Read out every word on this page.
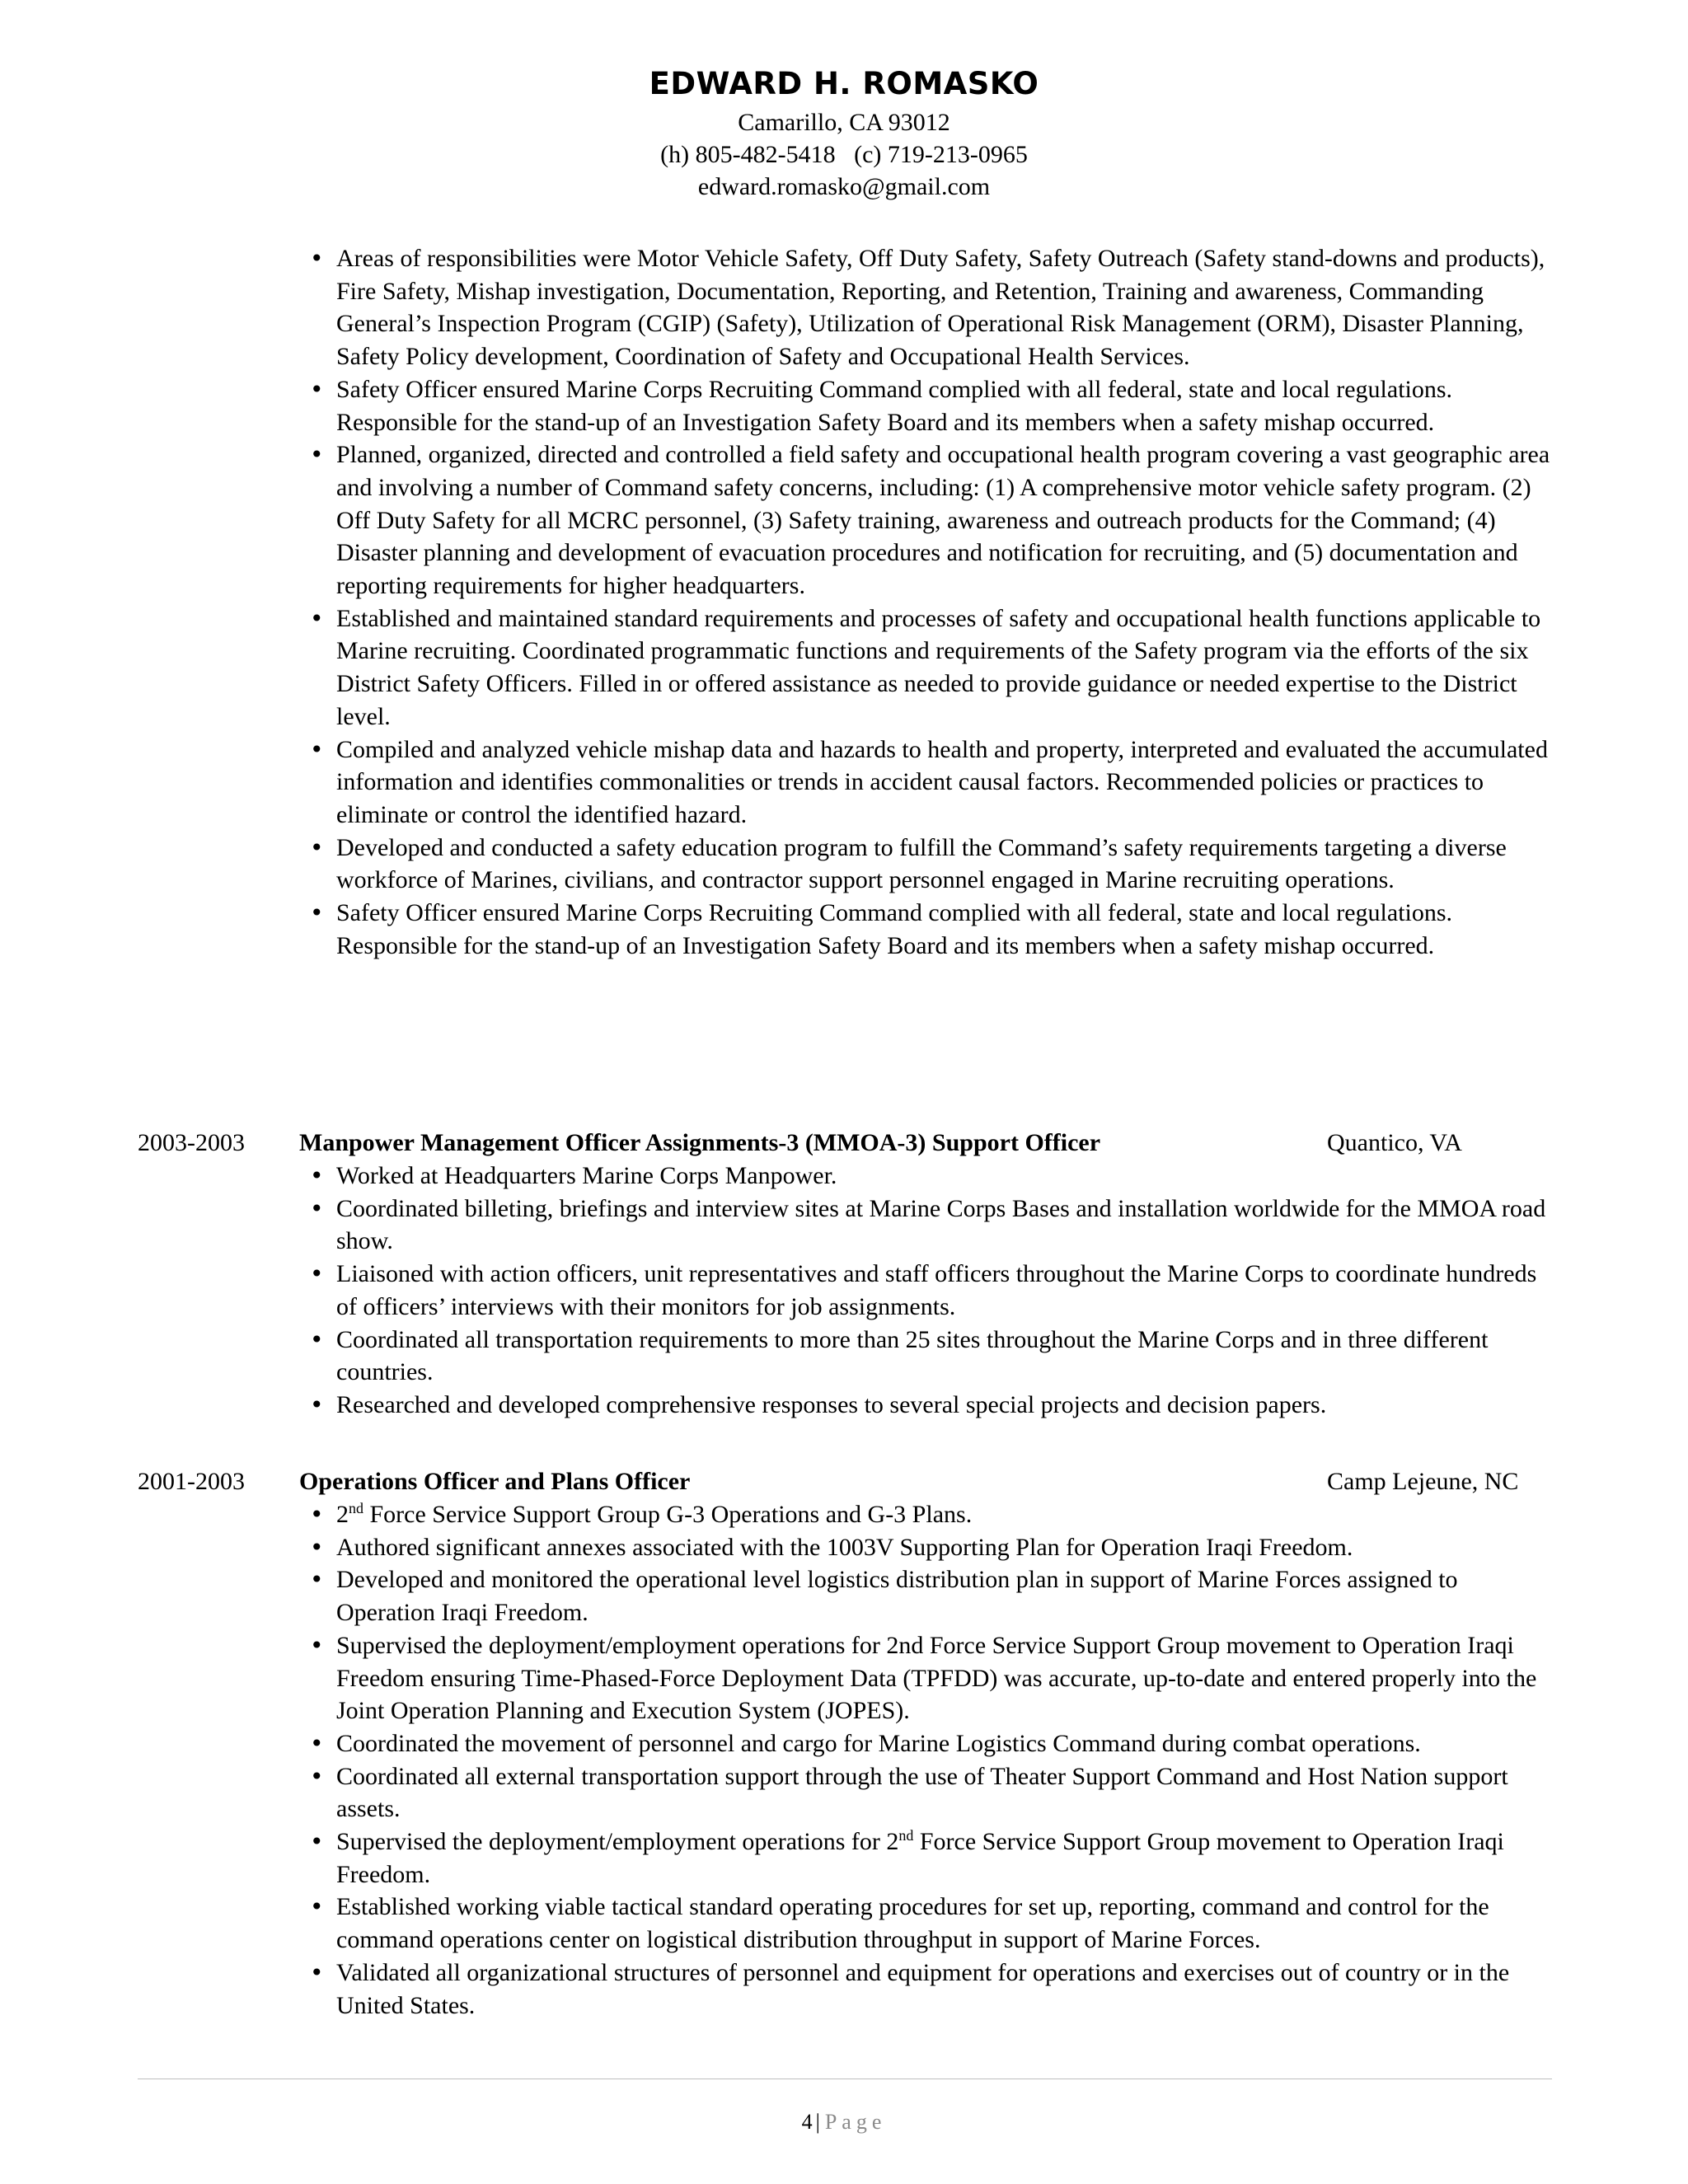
EDWARD H. ROMASKO
Camarillo, CA 93012
(h) 805-482-5418   (c) 719-213-0965
edward.romasko@gmail.com
• Areas of responsibilities were Motor Vehicle Safety, Off Duty Safety, Safety Outreach (Safety stand-downs and products), Fire Safety, Mishap investigation, Documentation, Reporting, and Retention, Training and awareness, Commanding General’s Inspection Program (CGIP) (Safety), Utilization of Operational Risk Management (ORM), Disaster Planning, Safety Policy development, Coordination of Safety and Occupational Health Services.
• Safety Officer ensured Marine Corps Recruiting Command complied with all federal, state and local regulations. Responsible for the stand-up of an Investigation Safety Board and its members when a safety mishap occurred.
• Planned, organized, directed and controlled a field safety and occupational health program covering a vast geographic area and involving a number of Command safety concerns, including: (1) A comprehensive motor vehicle safety program. (2) Off Duty Safety for all MCRC personnel, (3) Safety training, awareness and outreach products for the Command; (4) Disaster planning and development of evacuation procedures and notification for recruiting, and (5) documentation and reporting requirements for higher headquarters.
• Established and maintained standard requirements and processes of safety and occupational health functions applicable to Marine recruiting. Coordinated programmatic functions and requirements of the Safety program via the efforts of the six District Safety Officers. Filled in or offered assistance as needed to provide guidance or needed expertise to the District level.
• Compiled and analyzed vehicle mishap data and hazards to health and property, interpreted and evaluated the accumulated information and identifies commonalities or trends in accident causal factors. Recommended policies or practices to eliminate or control the identified hazard.
• Developed and conducted a safety education program to fulfill the Command’s safety requirements targeting a diverse workforce of Marines, civilians, and contractor support personnel engaged in Marine recruiting operations.
• Safety Officer ensured Marine Corps Recruiting Command complied with all federal, state and local regulations. Responsible for the stand-up of an Investigation Safety Board and its members when a safety mishap occurred.
2003-2003 Manpower Management Officer Assignments-3 (MMOA-3) Support Officer	Quantico, VA
• Worked at Headquarters Marine Corps Manpower.
• Coordinated billeting, briefings and interview sites at Marine Corps Bases and installation worldwide for the MMOA road show.
• Liaisoned with action officers, unit representatives and staff officers throughout the Marine Corps to coordinate hundreds of officers’ interviews with their monitors for job assignments.
• Coordinated all transportation requirements to more than 25 sites throughout the Marine Corps and in three different countries.
• Researched and developed comprehensive responses to several special projects and decision papers.
2001-2003 Operations Officer and Plans Officer	Camp Lejeune, NC
• 2nd Force Service Support Group G-3 Operations and G-3 Plans.
• Authored significant annexes associated with the 1003V Supporting Plan for Operation Iraqi Freedom.
• Developed and monitored the operational level logistics distribution plan in support of Marine Forces assigned to Operation Iraqi Freedom.
• Supervised the deployment/employment operations for 2nd Force Service Support Group movement to Operation Iraqi Freedom ensuring Time-Phased-Force Deployment Data (TPFDD) was accurate, up-to-date and entered properly into the Joint Operation Planning and Execution System (JOPES).
• Coordinated the movement of personnel and cargo for Marine Logistics Command during combat operations.
• Coordinated all external transportation support through the use of Theater Support Command and Host Nation support assets.
• Supervised the deployment/employment operations for 2nd Force Service Support Group movement to Operation Iraqi Freedom.
• Established working viable tactical standard operating procedures for set up, reporting, command and control for the command operations center on logistical distribution throughput in support of Marine Forces.
• Validated all organizational structures of personnel and equipment for operations and exercises out of country or in the United States.
4 | Page
